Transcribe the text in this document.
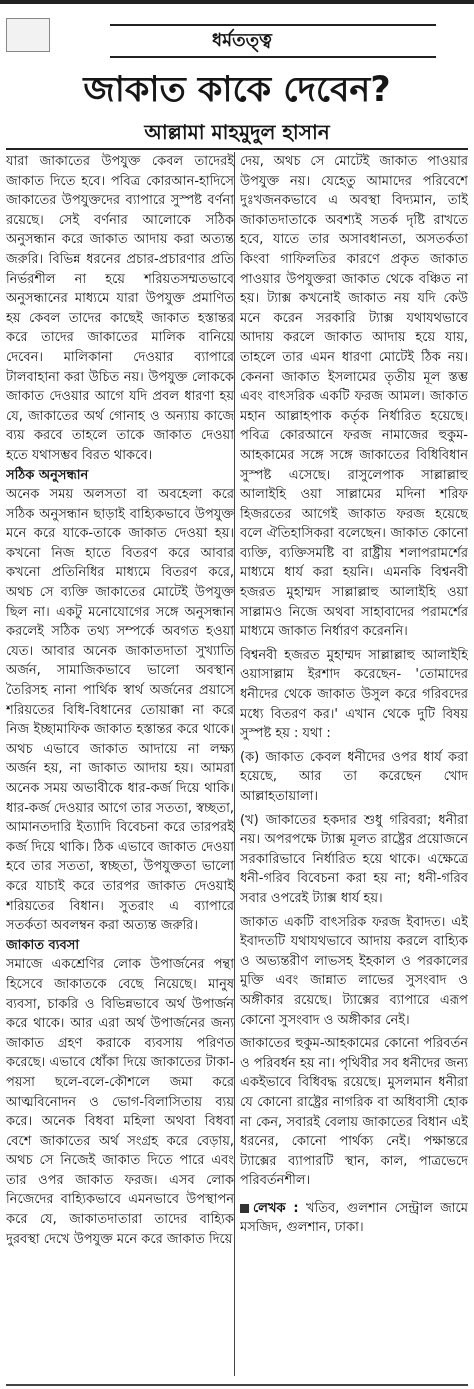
ধর্মতত্ত্ব
জাকাত কাকে দেবেন?
আল্লামা মাহমুদুল হাসান

যারা জাকাতের উপযুক্ত কেবল তাদেরই জাকাত দিতে হবে। পবিত্র কোরআন-হাদিসে জাকাতের উপযুক্তদের ব্যাপারে সুস্পষ্ট বর্ণনা রয়েছে। সেই বর্ণনার আলোকে সঠিক অনুসন্ধান করে জাকাত আদায় করা অত্যন্ত জরুরি। বিভিন্ন ধরনের প্রচার-প্রচারণার প্রতি নির্ভরশীল না হয়ে শরিয়তসম্মতভাবে অনুসন্ধানের মাধ্যমে যারা উপযুক্ত প্রমাণিত হয় কেবল তাদের কাছেই জাকাত হস্তান্তর করে তাদের জাকাতের মালিক বানিয়ে দেবেন। মালিকানা দেওয়ার ব্যাপারে টালবাহানা করা উচিত নয়। উপযুক্ত লোককে জাকাত দেওয়ার আগে যদি প্রবল ধারণা হয় যে, জাকাতের অর্থ গোনাহ ও অন্যায় কাজে ব্যয় করবে তাহলে তাকে জাকাত দেওয়া হতে যথাসম্ভব বিরত থাকবে।

সঠিক অনুসন্ধান

অনেক সময় অলসতা বা অবহেলা করে সঠিক অনুসন্ধান ছাড়াই বাহ্যিকভাবে উপযুক্ত মনে করে যাকে-তাকে জাকাত দেওয়া হয়। কখনো নিজ হাতে বিতরণ করে আবার কখনো প্রতিনিধির মাধ্যমে বিতরণ করে, অথচ সে ব্যক্তি জাকাতের মোটেই উপযুক্ত ছিল না। একটু মনোযোগের সঙ্গে অনুসন্ধান করলেই সঠিক তথ্য সম্পর্কে অবগত হওয়া যেত। আবার অনেক জাকাতদাতা সুখ্যাতি অর্জন, সামাজিকভাবে ভালো অবস্থান তৈরিসহ নানা পার্থিক স্বার্থ অর্জনের প্রয়াসে শরিয়তের বিধি-বিধানের তোয়াক্কা না করে নিজ ইচ্ছামাফিক জাকাত হস্তান্তর করে থাকে। অথচ এভাবে জাকাত আদায়ে না লক্ষ্য অর্জন হয়, না জাকাত আদায় হয়। আমরা অনেক সময় অভাবীকে ধার-কর্জ দিয়ে থাকি। ধার-কর্জ দেওয়ার আগে তার সততা, স্বচ্ছতা, আমানতদারি ইত্যাদি বিবেচনা করে তারপরই কর্জ দিয়ে থাকি। ঠিক এভাবে জাকাত দেওয়া হবে তার সততা, স্বচ্ছতা, উপযুক্ততা ভালো করে যাচাই করে তারপর জাকাত দেওয়াই শরিয়তের বিধান। সুতরাং এ ব্যাপারে সতর্কতা অবলম্বন করা অত্যন্ত জরুরি।

জাকাত ব্যবসা

সমাজে একশ্রেণির লোক উপার্জনের পন্থা হিসেবে জাকাতকে বেছে নিয়েছে। মানুষ ব্যবসা, চাকরি ও বিভিন্নভাবে অর্থ উপার্জন করে থাকে। আর এরা অর্থ উপার্জনের জন্য জাকাত গ্রহণ করাকে ব্যবসায় পরিণত করেছে। এভাবে ধোঁকা দিয়ে জাকাতের টাকা-পয়সা ছলে-বলে-কৌশলে জমা করে আত্মবিনোদন ও ভোগ-বিলাসিতায় ব্যয় করে। অনেক বিধবা মহিলা অথবা বিধবা বেশে জাকাতের অর্থ সংগ্রহ করে বেড়ায়, অথচ সে নিজেই জাকাত দিতে পারে এবং তার ওপর জাকাত ফরজ। এসব লোক নিজেদের বাহ্যিকভাবে এমনভাবে উপস্থাপন করে যে, জাকাতদাতারা তাদের বাহ্যিক দুরবস্থা দেখে উপযুক্ত মনে করে জাকাত দিয়ে

দেয়, অথচ সে মোটেই জাকাত পাওয়ার উপযুক্ত নয়। যেহেতু আমাদের পরিবেশে দুঃখজনকভাবে এ অবস্থা বিদ্যমান, তাই জাকাতদাতাকে অবশ্যই সতর্ক দৃষ্টি রাখতে হবে, যাতে তার অসাবধানতা, অসতর্কতা কিংবা গাফিলতির কারণে প্রকৃত জাকাত পাওয়ার উপযুক্তরা জাকাত থেকে বঞ্চিত না হয়। ট্যাক্স কখনোই জাকাত নয় যদি কেউ মনে করেন সরকারি ট্যাক্স যথাযথভাবে আদায় করলে জাকাত আদায় হয়ে যায়, তাহলে তার এমন ধারণা মোটেই ঠিক নয়। কেননা জাকাত ইসলামের তৃতীয় মূল স্তম্ভ এবং বাৎসরিক একটি ফরজ আমল। জাকাত মহান আল্লাহপাক কর্তৃক নির্ধারিত হয়েছে। পবিত্র কোরআনে ফরজ নামাজের হুকুম-আহকামের সঙ্গে সঙ্গে জাকাতের বিধিবিধান সুস্পষ্ট এসেছে। রাসুলেপাক সাল্লাল্লাহু আলাইহি ওয়া সাল্লামের মদিনা শরিফ হিজরতের আগেই জাকাত ফরজ হয়েছে বলে ঐতিহাসিকরা বলেছেন। জাকাত কোনো ব্যক্তি, ব্যক্তিসমষ্টি বা রাষ্ট্রীয় শলাপরামর্শের মাধ্যমে ধার্য করা হয়নি। এমনকি বিশ্বনবী হজরত মুহাম্মদ সাল্লাল্লাহু আলাইহি ওয়া সাল্লামও নিজে অথবা সাহাবাদের পরামর্শের মাধ্যমে জাকাত নির্ধারণ করেননি।

বিশ্বনবী হজরত মুহাম্মদ সাল্লাল্লাহু আলাইহি ওয়াসাল্লাম ইরশাদ করেছেন- 'তোমাদের ধনীদের থেকে জাকাত উসুল করে গরিবদের মধ্যে বিতরণ কর।' এখান থেকে দুটি বিষয় সুস্পষ্ট হয় : যথা :

(ক) জাকাত কেবল ধনীদের ওপর ধার্য করা হয়েছে, আর তা করেছেন খোদ আল্লাহতায়ালা।

(খ) জাকাতের হকদার শুধু গরিবরা; ধনীরা নয়। অপরপক্ষে ট্যাক্স মূলত রাষ্ট্রের প্রয়োজনে সরকারিভাবে নির্ধারিত হয়ে থাকে। এক্ষেত্রে ধনী-গরিব বিবেচনা করা হয় না; ধনী-গরিব সবার ওপরেই ট্যাক্স ধার্য হয়।

জাকাত একটি বাৎসরিক ফরজ ইবাদত। এই ইবাদতটি যথাযথভাবে আদায় করলে বাহ্যিক ও অভ্যন্তরীণ লাভসহ ইহকাল ও পরকালের মুক্তি এবং জান্নাত লাভের সুসংবাদ ও অঙ্গীকার রয়েছে। ট্যাক্সের ব্যাপারে এরূপ কোনো সুসংবাদ ও অঙ্গীকার নেই।

জাকাতের হুকুম-আহকামের কোনো পরিবর্তন ও পরিবর্ধন হয় না। পৃথিবীর সব ধনীদের জন্য একইভাবে বিধিবদ্ধ রয়েছে। মুসলমান ধনীরা যে কোনো রাষ্ট্রের নাগরিক বা অধিবাসী হোক না কেন, সবারই বেলায় জাকাতের বিধান এই ধরনের, কোনো পার্থক্য নেই। পক্ষান্তরে ট্যাক্সের ব্যাপারটি স্থান, কাল, পাত্রভেদে পরিবর্তনশীল।

লেখক : খতিব, গুলশান সেন্ট্রাল জামে মসজিদ, গুলশান, ঢাকা।
